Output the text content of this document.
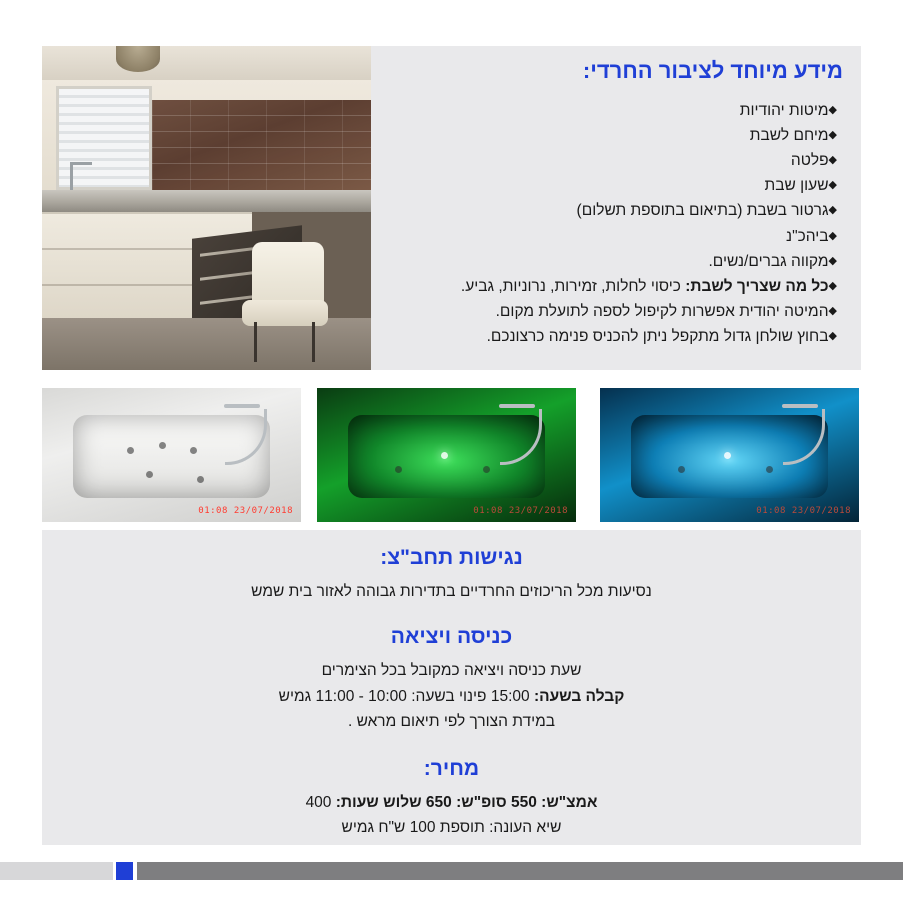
מידע מיוחד לציבור החרדי:
◆מיטות יהודיות
◆מיחם לשבת
◆פלטה
◆שעון שבת
◆גרטור בשבת (בתיאום בתוספת תשלום)
◆ביהכ"נ
◆מקווה גברים/נשים.
◆כל מה שצריך לשבת: כיסוי לחלות, זמירות, נרוניות, גביע.
◆המיטה יהודית אפשרות לקיפול לספה לתועלת מקום.
◆בחוץ שולחן גדול מתקפל ניתן להכניס פנימה כרצונכם.
23/07/2018 01:08	23/07/2018 01:08	23/07/2018 01:08
נגישות תחב"צ:

נסיעות מכל הריכוזים החרדיים בתדירות גבוהה לאזור בית שמש

כניסה ויציאה

שעת כניסה ויציאה כמקובל בכל הצימרים

קבלה בשעה: 15:00 פינוי בשעה: 10:00 - 11:00 גמיש

במידת הצורך לפי תיאום מראש .

מחיר:

אמצ"ש: 550 סופ"ש: 650 שלוש שעות: 400

שיא העונה: תוספת 100 ש"ח גמיש
